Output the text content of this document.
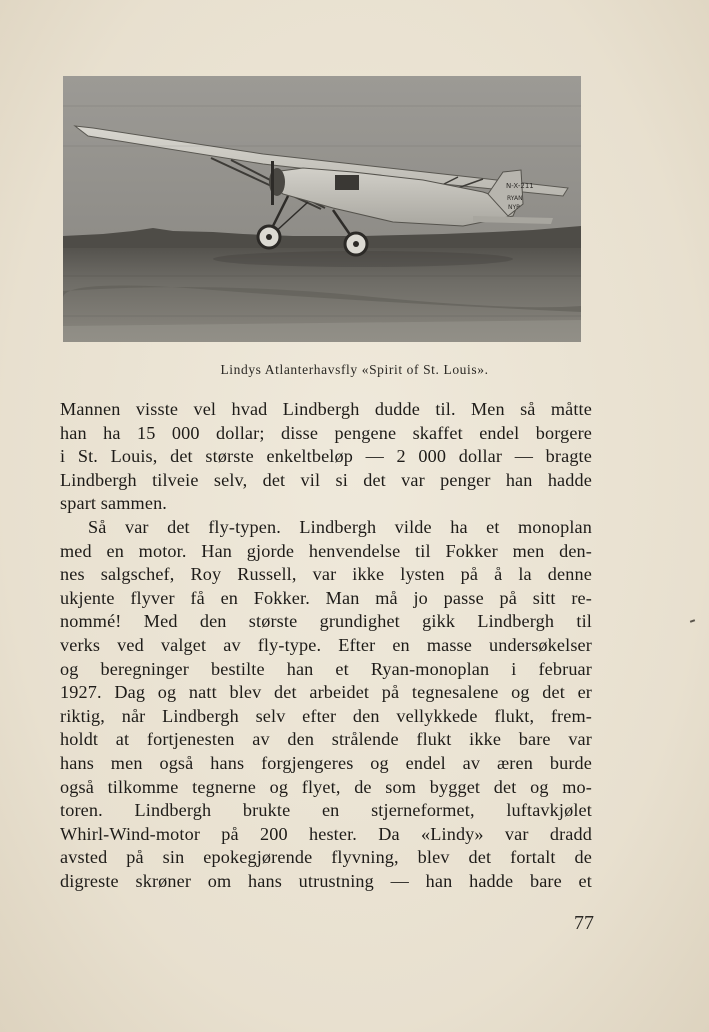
N-X-211
RYAN
NYP
Lindys Atlanterhavsfly «Spirit of St. Louis».
Mannen visste vel hvad Lindbergh dudde til. Men så måtte
han ha 15 000 dollar; disse pengene skaffet endel borgere
i St. Louis, det største enkeltbeløp — 2 000 dollar — bragte
Lindbergh tilveie selv, det vil si det var penger han hadde
spart sammen.
Så var det fly-typen. Lindbergh vilde ha et monoplan
med en motor. Han gjorde henvendelse til Fokker men den-
nes salgschef, Roy Russell, var ikke lysten på å la denne
ukjente flyver få en Fokker. Man må jo passe på sitt re-
nommé! Med den største grundighet gikk Lindbergh til
verks ved valget av fly-type. Efter en masse undersøkelser
og beregninger bestilte han et Ryan-monoplan i februar
1927. Dag og natt blev det arbeidet på tegnesalene og det er
riktig, når Lindbergh selv efter den vellykkede flukt, frem-
holdt at fortjenesten av den strålende flukt ikke bare var
hans men også hans forgjengeres og endel av æren burde
også tilkomme tegnerne og flyet, de som bygget det og mo-
toren. Lindbergh brukte en stjerneformet, luftavkjølet
Whirl-Wind-motor på 200 hester. Da «Lindy» var dradd
avsted på sin epokegjørende flyvning, blev det fortalt de
digreste skrøner om hans utrustning — han hadde bare et
77
